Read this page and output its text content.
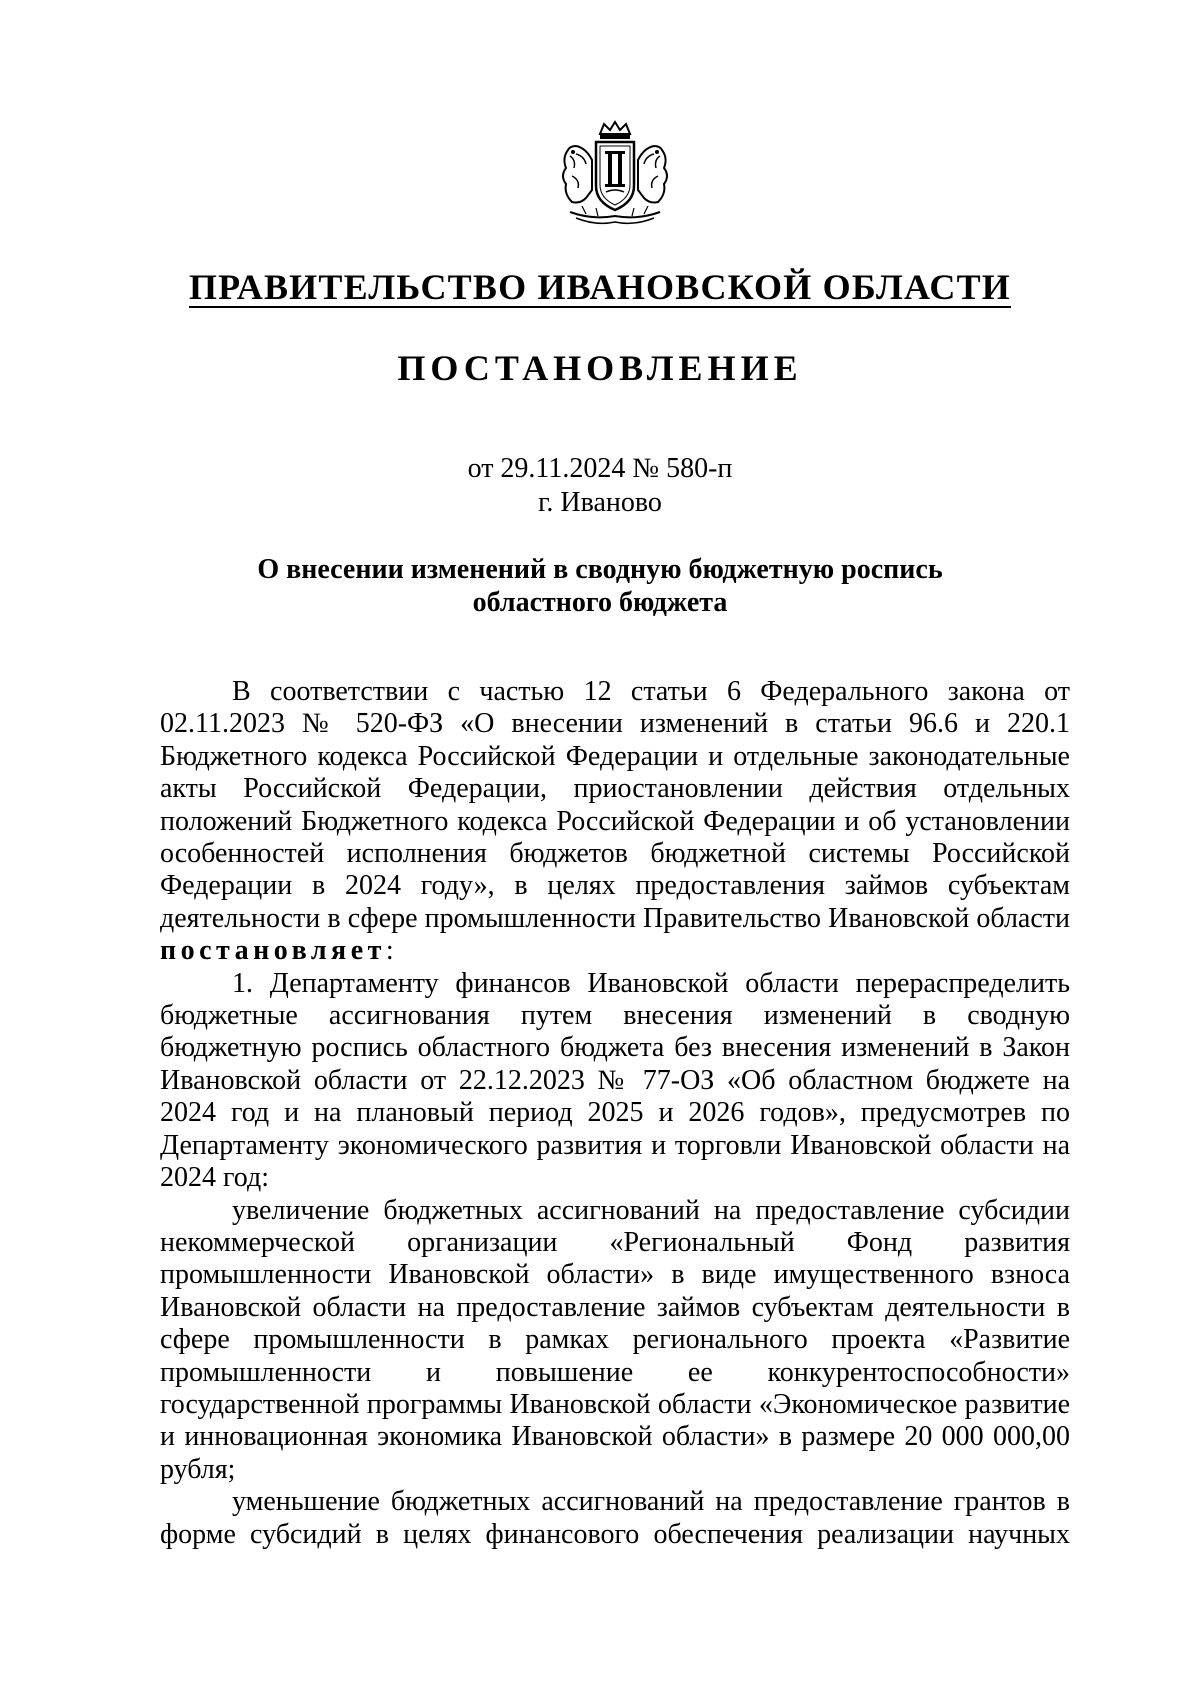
ПРАВИТЕЛЬСТВО ИВАНОВСКОЙ ОБЛАСТИ
ПОСТАНОВЛЕНИЕ
от 29.11.2024 № 580-п
г. Иваново
О внесении изменений в сводную бюджетную роспись
областного бюджета

В соответствии с частью 12 статьи 6 Федерального закона от 02.11.2023 № 520-ФЗ «О внесении изменений в статьи 96.6 и 220.1 Бюджетного кодекса Российской Федерации и отдельные законодательные акты Российской Федерации, приостановлении действия отдельных положений Бюджетного кодекса Российской Федерации и об установлении особенностей исполнения бюджетов бюджетной системы Российской Федерации в 2024 году», в целях предоставления займов субъектам деятельности в сфере промышленности Правительство Ивановской области постановляет:

1. Департаменту финансов Ивановской области перераспределить бюджетные ассигнования путем внесения изменений в сводную бюджетную роспись областного бюджета без внесения изменений в Закон Ивановской области от 22.12.2023 № 77-ОЗ «Об областном бюджете на 2024 год и на плановый период 2025 и 2026 годов», предусмотрев по Департаменту экономического развития и торговли Ивановской области на 2024 год:

увеличение бюджетных ассигнований на предоставление субсидии некоммерческой организации «Региональный Фонд развития промышленности Ивановской области» в виде имущественного взноса Ивановской области на предоставление займов субъектам деятельности в сфере промышленности в рамках регионального проекта «Развитие промышленности и повышение ее конкурентоспособности» государственной программы Ивановской области «Экономическое развитие и инновационная экономика Ивановской области» в размере 20 000 000,00 рубля;

уменьшение бюджетных ассигнований на предоставление грантов в форме субсидий в целях финансового обеспечения реализации научных
